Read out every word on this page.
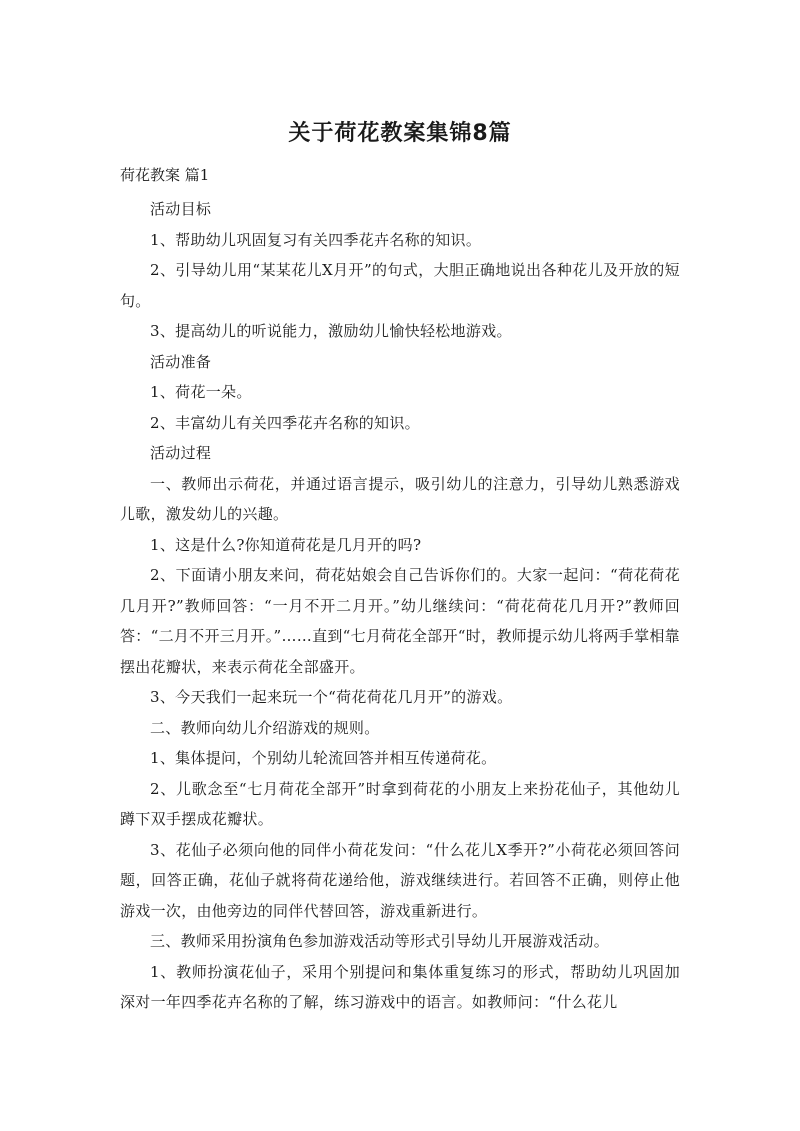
关于荷花教案集锦8篇
荷花教案 篇1

活动目标

1、帮助幼儿巩固复习有关四季花卉名称的知识。

2、引导幼儿用“某某花儿X月开”的句式，大胆正确地说出各种花儿及开放的短句。

3、提高幼儿的听说能力，激励幼儿愉快轻松地游戏。

活动准备

1、荷花一朵。

2、丰富幼儿有关四季花卉名称的知识。

活动过程

一、教师出示荷花，并通过语言提示，吸引幼儿的注意力，引导幼儿熟悉游戏儿歌，激发幼儿的兴趣。

1、这是什么?你知道荷花是几月开的吗?

2、下面请小朋友来问，荷花姑娘会自己告诉你们的。大家一起问：“荷花荷花几月开?”教师回答：“一月不开二月开。”幼儿继续问：“荷花荷花几月开?”教师回答：“二月不开三月开。”……直到“七月荷花全部开“时，教师提示幼儿将两手掌相靠摆出花瓣状，来表示荷花全部盛开。

3、今天我们一起来玩一个“荷花荷花几月开”的游戏。

二、教师向幼儿介绍游戏的规则。

1、集体提问，个别幼儿轮流回答并相互传递荷花。

2、儿歌念至“七月荷花全部开”时拿到荷花的小朋友上来扮花仙子，其他幼儿蹲下双手摆成花瓣状。

3、花仙子必须向他的同伴小荷花发问：“什么花儿X季开?”小荷花必须回答问题，回答正确，花仙子就将荷花递给他，游戏继续进行。若回答不正确，则停止他游戏一次，由他旁边的同伴代替回答，游戏重新进行。

三、教师采用扮演角色参加游戏活动等形式引导幼儿开展游戏活动。

1、教师扮演花仙子，采用个别提问和集体重复练习的形式，帮助幼儿巩固加深对一年四季花卉名称的了解，练习游戏中的语言。如教师问：“什么花儿
